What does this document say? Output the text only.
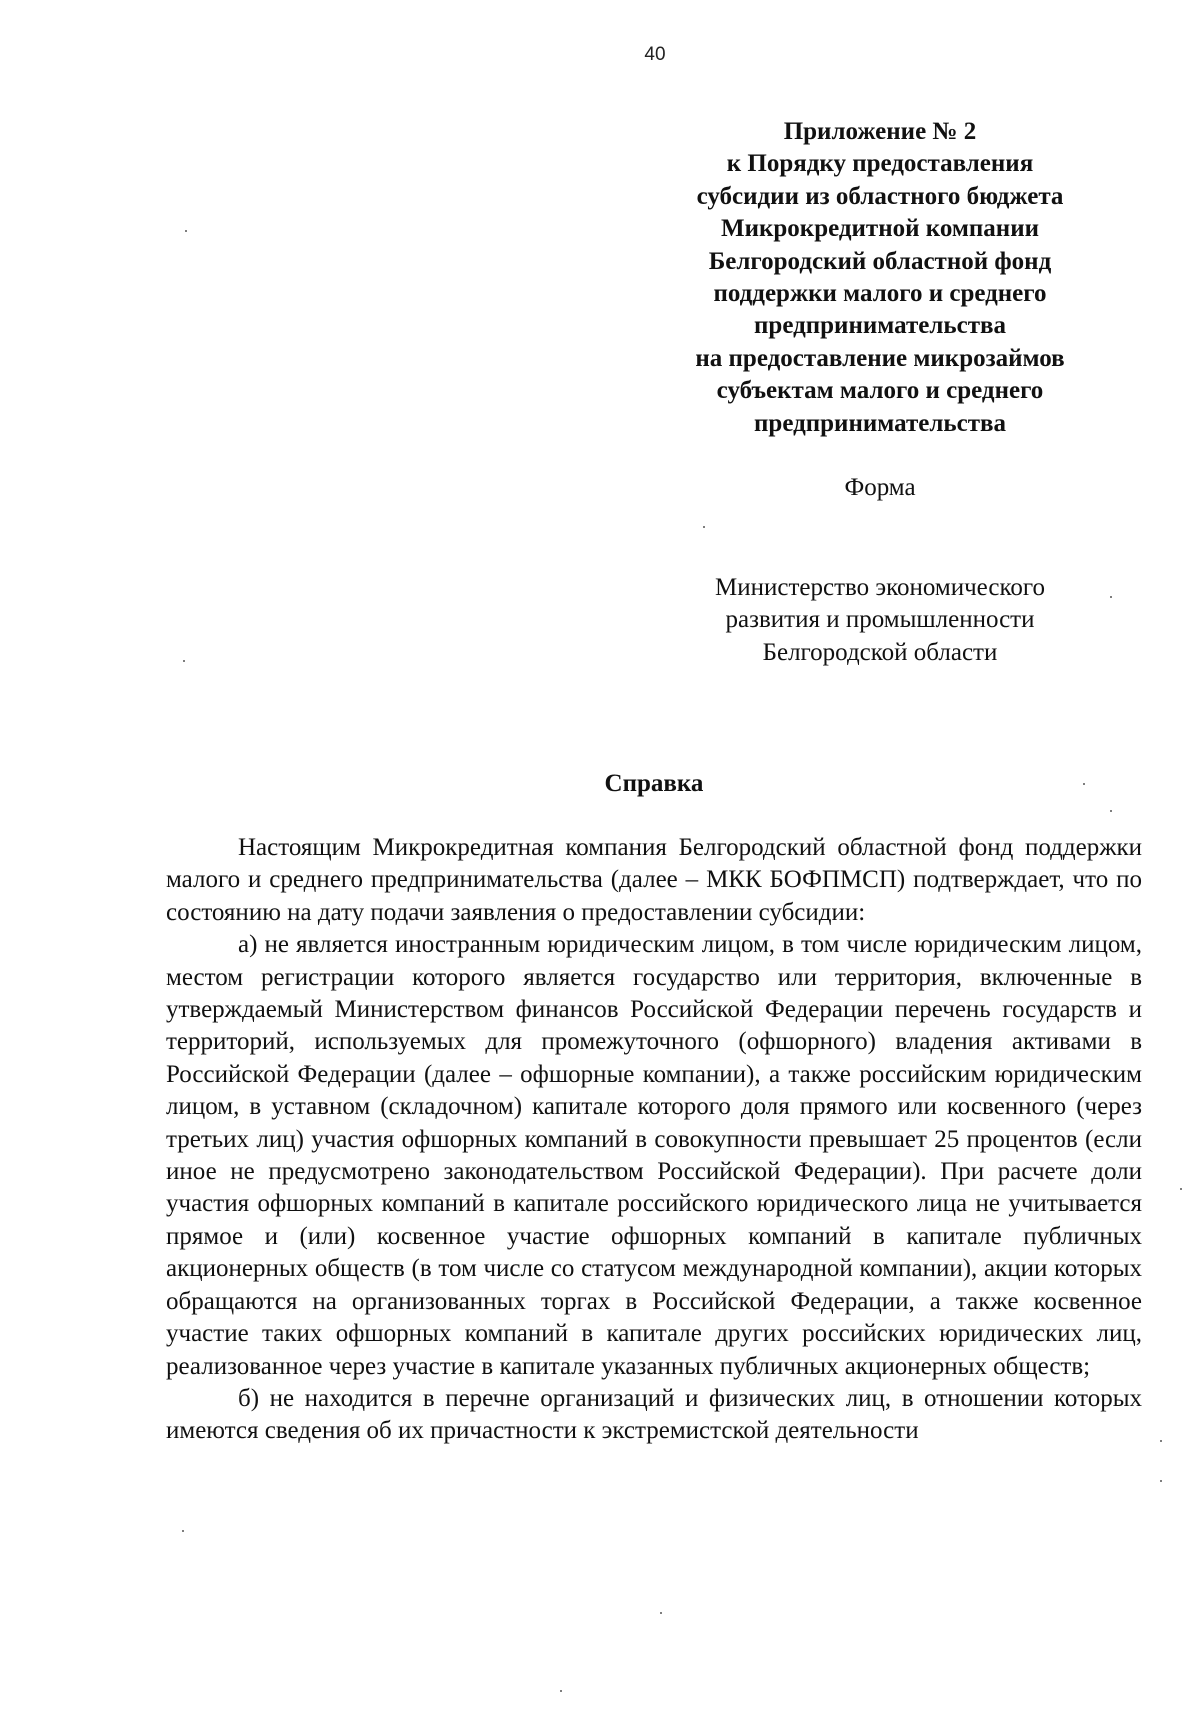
40
Приложение № 2
к Порядку предоставления
субсидии из областного бюджета
Микрокредитной компании
Белгородский областной фонд
поддержки малого и среднего
предпринимательства
на предоставление микрозаймов
субъектам малого и среднего
предпринимательства
Форма
Министерство экономического
развития и промышленности
Белгородской области
Справка

Настоящим Микрокредитная компания Белгородский областной фонд поддержки малого и среднего предпринимательства (далее – МКК БОФПМСП) подтверждает, что по состоянию на дату подачи заявления о предоставлении субсидии:

а) не является иностранным юридическим лицом, в том числе юридическим лицом, местом регистрации которого является государство или территория, включенные в утверждаемый Министерством финансов Российской Федерации перечень государств и территорий, используемых для промежуточного (офшорного) владения активами в Российской Федерации (далее – офшорные компании), а также российским юридическим лицом, в уставном (складочном) капитале которого доля прямого или косвенного (через третьих лиц) участия офшорных компаний в совокупности превышает 25 процентов (если иное не предусмотрено законодательством Российской Федерации). При расчете доли участия офшорных компаний в капитале российского юридического лица не учитывается прямое и (или) косвенное участие офшорных компаний в капитале публичных акционерных обществ (в том числе со статусом международной компании), акции которых обращаются на организованных торгах в Российской Федерации, а также косвенное участие таких офшорных компаний в капитале других российских юридических лиц, реализованное через участие в капитале указанных публичных акционерных обществ;

б) не находится в перечне организаций и физических лиц, в отношении которых имеются сведения об их причастности к экстремистской деятельности
